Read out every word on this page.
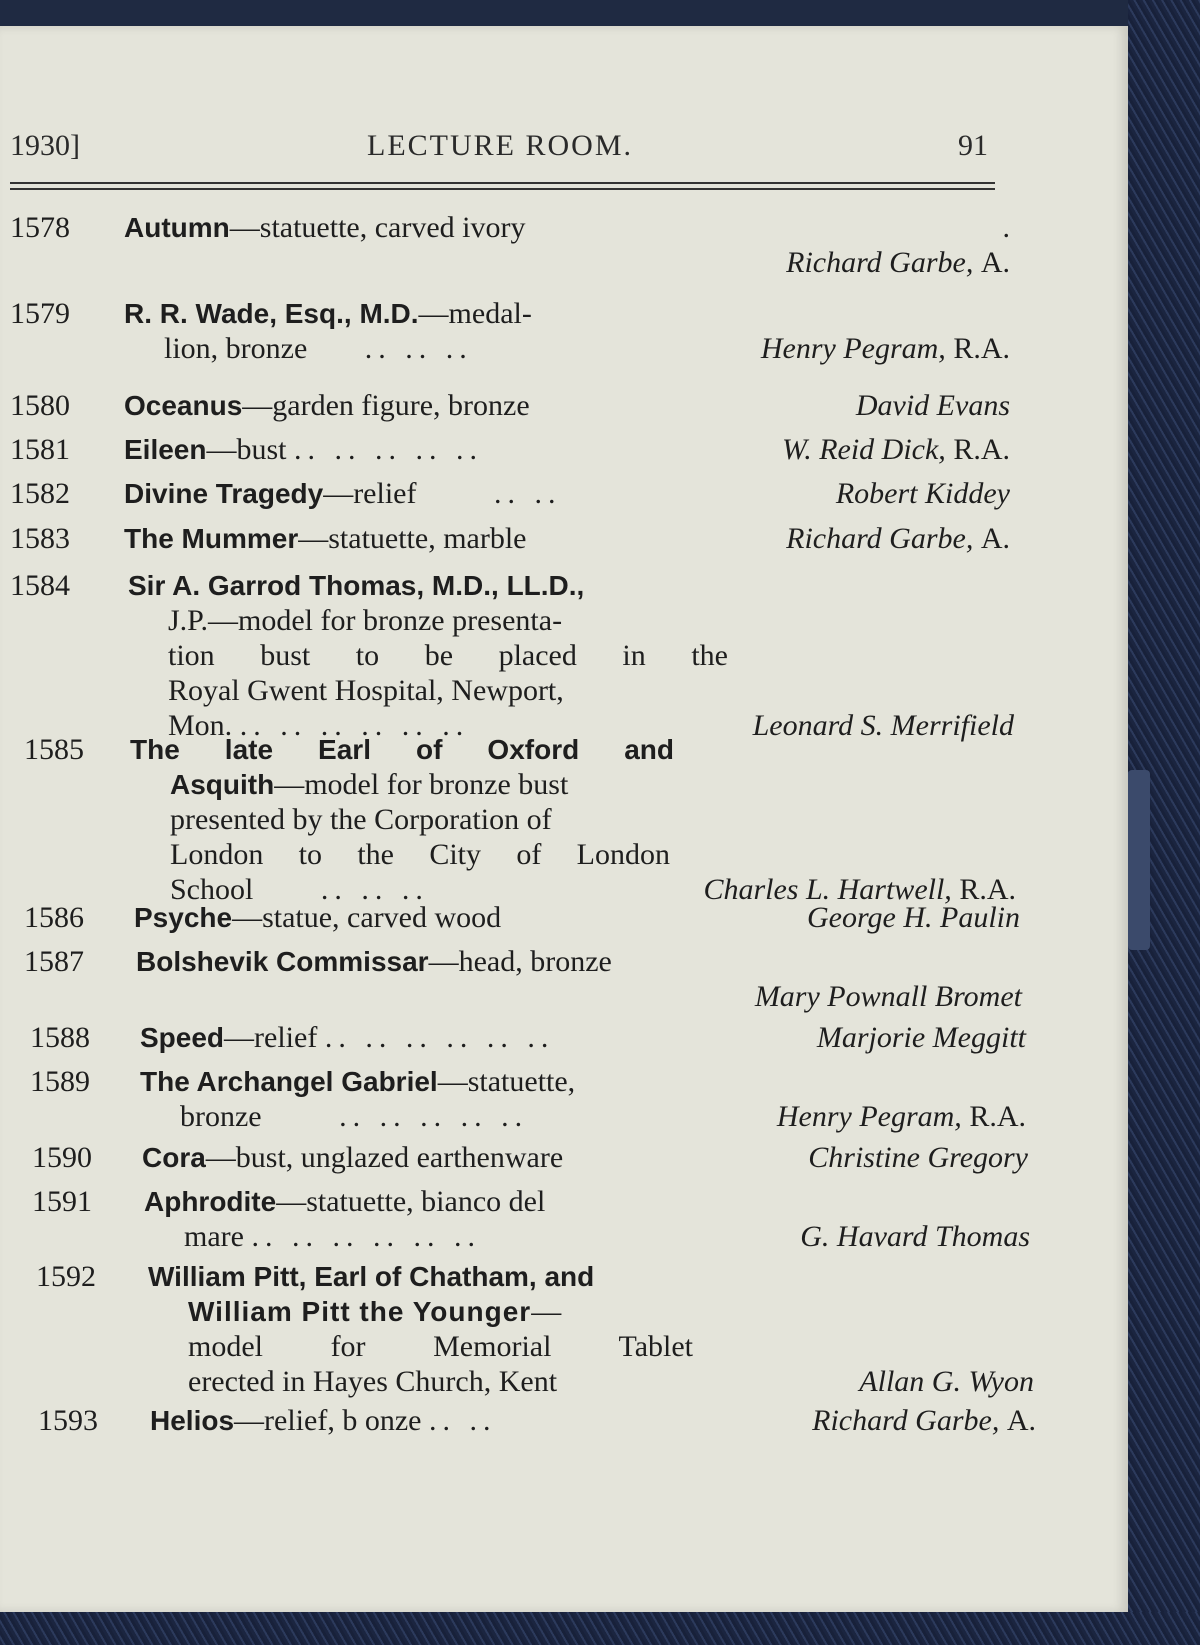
1930]	LECTURE ROOM.	91
1578	Autumn—statuette, carved ivory	.
Richard Garbe, A.
1579	R. R. Wade, Esq., M.D.—medal-
lion, bronze .. .. ..	Henry Pegram, R.A.
1580	Oceanus—garden figure, bronze	David Evans
1581	Eileen—bust .. .. .. .. ..	W. Reid Dick, R.A.
1582	Divine Tragedy—relief	.. ..	Robert Kiddey
1583	The Mummer—statuette, marble	Richard Garbe, A.
1584	Sir A. Garrod Thomas, M.D., LL.D.,
J.P.—model for bronze presenta-
tion bust to be placed in the
Royal Gwent Hospital, Newport,
Mon. .. .. .. .. .. ..	Leonard S. Merrifield
1585	The late Earl of Oxford and
Asquith—model for bronze bust
presented by the Corporation of
London to the City of London
School .. .. ..	Charles L. Hartwell, R.A.
1586	Psyche—statue, carved wood	George H. Paulin
1587	Bolshevik Commissar—head, bronze
Mary Pownall Bromet
1588	Speed—relief .. .. .. .. .. ..	Marjorie Meggitt
1589	The Archangel Gabriel—statuette,
bronze	.. .. .. .. ..	Henry Pegram, R.A.
1590	Cora—bust, unglazed earthenware	Christine Gregory
1591	Aphrodite—statuette, bianco del
mare .. .. .. .. .. ..	G. Havard Thomas
1592	William Pitt, Earl of Chatham, and
William Pitt the Younger—
model for Memorial Tablet
erected in Hayes Church, Kent	Allan G. Wyon
1593	Helios—relief, b onze .. ..	Richard Garbe, A.
